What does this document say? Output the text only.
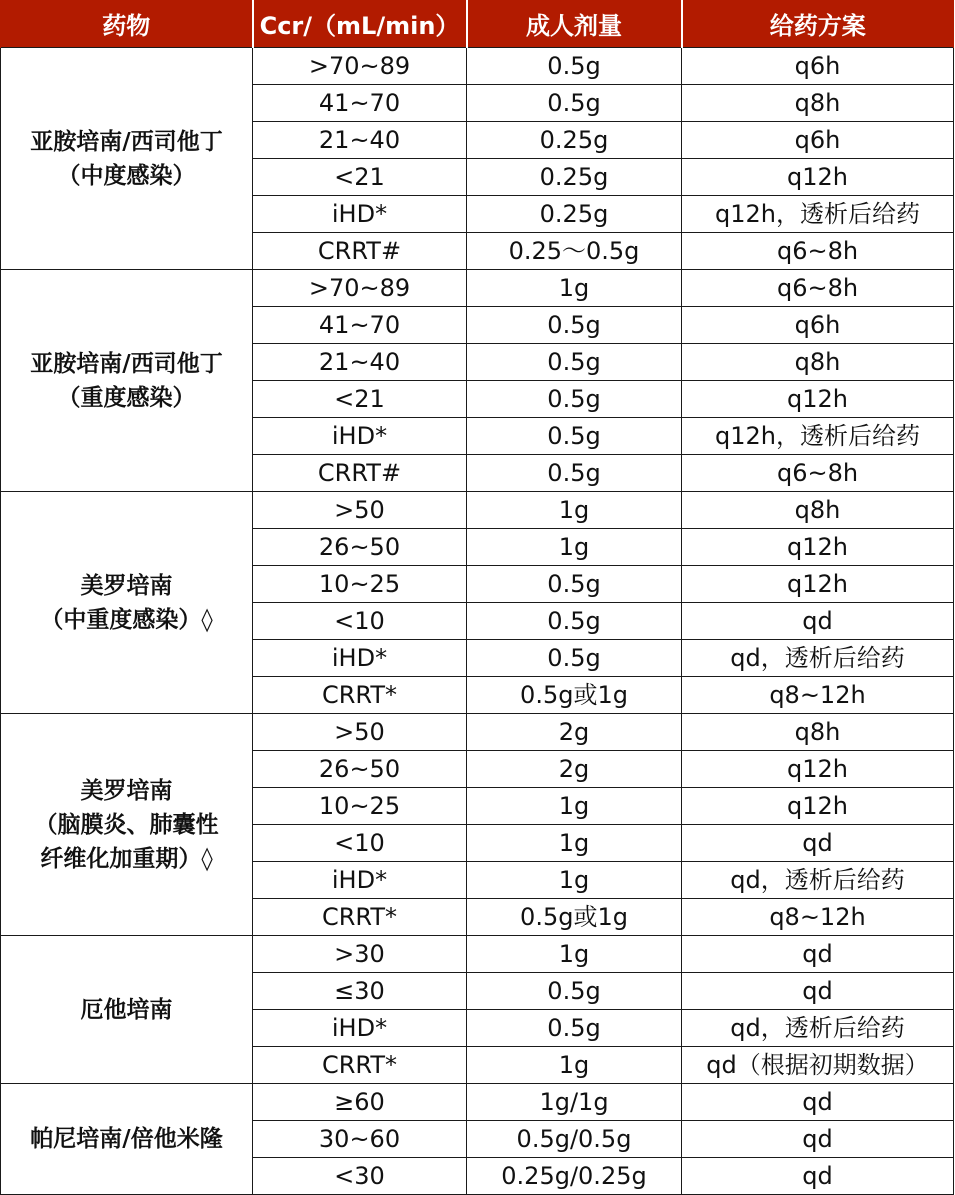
药物	Ccr/（mL/min）	成人剂量	给药方案

亚胺培南/西司他丁
（中度感染）	>70~89	0.5g	q6h
	41~70	0.5g	q8h
	21~40	0.25g	q6h
	<21	0.25g	q12h
	iHD*	0.25g	q12h，透析后给药
	CRRT#	0.25～0.5g	q6~8h

亚胺培南/西司他丁
（重度感染）	>70~89	1g	q6~8h
	41~70	0.5g	q6h
	21~40	0.5g	q8h
	<21	0.5g	q12h
	iHD*	0.5g	q12h，透析后给药
	CRRT#	0.5g	q6~8h

美罗培南
（中重度感染）◊	>50	1g	q8h
	26~50	1g	q12h
	10~25	0.5g	q12h
	<10	0.5g	qd
	iHD*	0.5g	qd，透析后给药
	CRRT*	0.5g或1g	q8~12h

美罗培南
（脑膜炎、肺囊性
纤维化加重期）◊	>50	2g	q8h
	26~50	2g	q12h
	10~25	1g	q12h
	<10	1g	qd
	iHD*	1g	qd，透析后给药
	CRRT*	0.5g或1g	q8~12h

厄他培南	>30	1g	qd
	≤30	0.5g	qd
	iHD*	0.5g	qd，透析后给药
	CRRT*	1g	qd（根据初期数据）

帕尼培南/倍他米隆	≥60	1g/1g	qd
	30~60	0.5g/0.5g	qd
	<30	0.25g/0.25g	qd
